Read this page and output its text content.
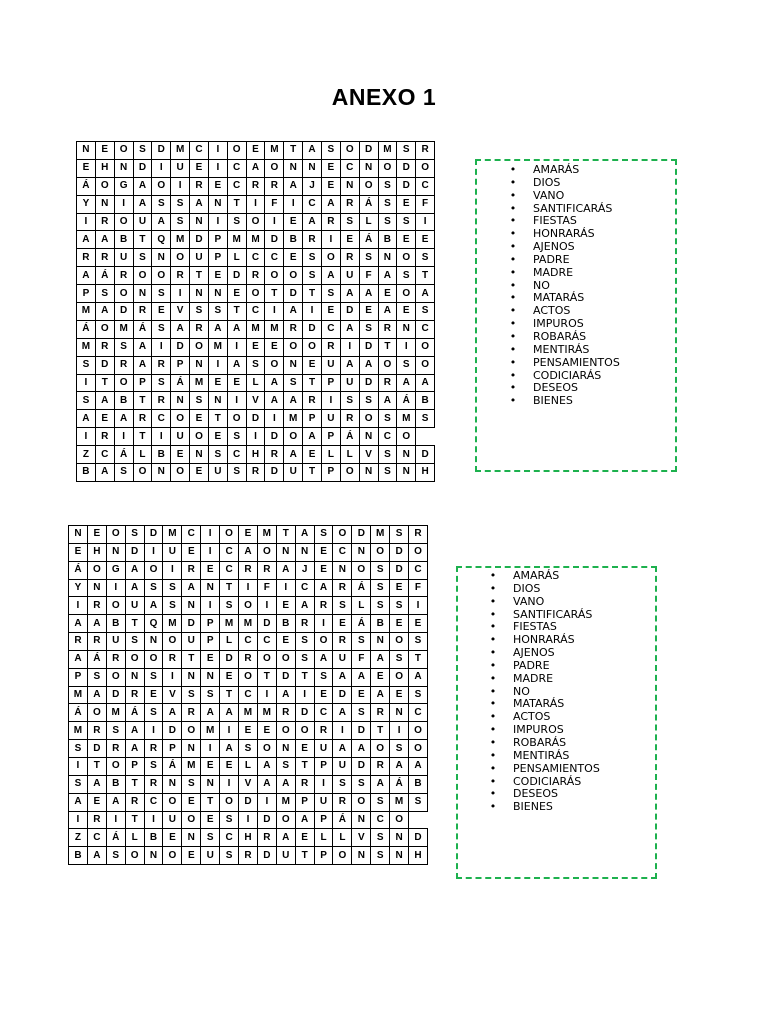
ANEXO 1
N	E	O	S	D	M	C	I	O	E	M	T	A	S	O	D	M	S	R
E	H	N	D	I	U	E	I	C	A	O	N	N	E	C	N	O	D	O
Á	O	G	A	O	I	R	E	C	R	R	A	J	E	N	O	S	D	C
Y	N	I	A	S	S	A	N	T	I	F	I	C	A	R	Á	S	E	F
I	R	O	U	A	S	N	I	S	O	I	E	A	R	S	L	S	S	I
A	A	B	T	Q	M	D	P	M	M	D	B	R	I	E	Á	B	E	E
R	R	U	S	N	O	U	P	L	C	C	E	S	O	R	S	N	O	S
A	Á	R	O	O	R	T	E	D	R	O	O	S	A	U	F	A	S	T
P	S	O	N	S	I	N	N	E	O	T	D	T	S	A	A	E	O	A
M	A	D	R	E	V	S	S	T	C	I	A	I	E	D	E	A	E	S
Á	O	M	Á	S	A	R	A	A	M	M	R	D	C	A	S	R	N	C
M	R	S	A	I	D	O	M	I	E	E	O	O	R	I	D	T	I	O
S	D	R	A	R	P	N	I	A	S	O	N	E	U	A	A	O	S	O
I	T	O	P	S	Á	M	E	E	L	A	S	T	P	U	D	R	A	A
S	A	B	T	R	N	S	N	I	V	A	A	R	I	S	S	A	Á	B
A	E	A	R	C	O	E	T	O	D	I	M	P	U	R	O	S	M	S
I	R	I	T	I	U	O	E	S	I	D	O	A	P	Á	N	C	O	
Z	C	Á	L	B	E	N	S	C	H	R	A	E	L	L	V	S	N	D
B	A	S	O	N	O	E	U	S	R	D	U	T	P	O	N	S	N	H
• AMARÁS
• DIOS
• VANO
• SANTIFICARÁS
• FIESTAS
• HONRARÁS
• AJENOS
• PADRE
• MADRE
• NO
• MATARÁS
• ACTOS
• IMPUROS
• ROBARÁS
• MENTIRÁS
• PENSAMIENTOS
• CODICIARÁS
• DESEOS
• BIENES
N	E	O	S	D	M	C	I	O	E	M	T	A	S	O	D	M	S	R
E	H	N	D	I	U	E	I	C	A	O	N	N	E	C	N	O	D	O
Á	O	G	A	O	I	R	E	C	R	R	A	J	E	N	O	S	D	C
Y	N	I	A	S	S	A	N	T	I	F	I	C	A	R	Á	S	E	F
I	R	O	U	A	S	N	I	S	O	I	E	A	R	S	L	S	S	I
A	A	B	T	Q	M	D	P	M	M	D	B	R	I	E	Á	B	E	E
R	R	U	S	N	O	U	P	L	C	C	E	S	O	R	S	N	O	S
A	Á	R	O	O	R	T	E	D	R	O	O	S	A	U	F	A	S	T
P	S	O	N	S	I	N	N	E	O	T	D	T	S	A	A	E	O	A
M	A	D	R	E	V	S	S	T	C	I	A	I	E	D	E	A	E	S
Á	O	M	Á	S	A	R	A	A	M	M	R	D	C	A	S	R	N	C
M	R	S	A	I	D	O	M	I	E	E	O	O	R	I	D	T	I	O
S	D	R	A	R	P	N	I	A	S	O	N	E	U	A	A	O	S	O
I	T	O	P	S	Á	M	E	E	L	A	S	T	P	U	D	R	A	A
S	A	B	T	R	N	S	N	I	V	A	A	R	I	S	S	A	Á	B
A	E	A	R	C	O	E	T	O	D	I	M	P	U	R	O	S	M	S
I	R	I	T	I	U	O	E	S	I	D	O	A	P	Á	N	C	O	
Z	C	Á	L	B	E	N	S	C	H	R	A	E	L	L	V	S	N	D
B	A	S	O	N	O	E	U	S	R	D	U	T	P	O	N	S	N	H
• AMARÁS
• DIOS
• VANO
• SANTIFICARÁS
• FIESTAS
• HONRARÁS
• AJENOS
• PADRE
• MADRE
• NO
• MATARÁS
• ACTOS
• IMPUROS
• ROBARÁS
• MENTIRÁS
• PENSAMIENTOS
• CODICIARÁS
• DESEOS
• BIENES
